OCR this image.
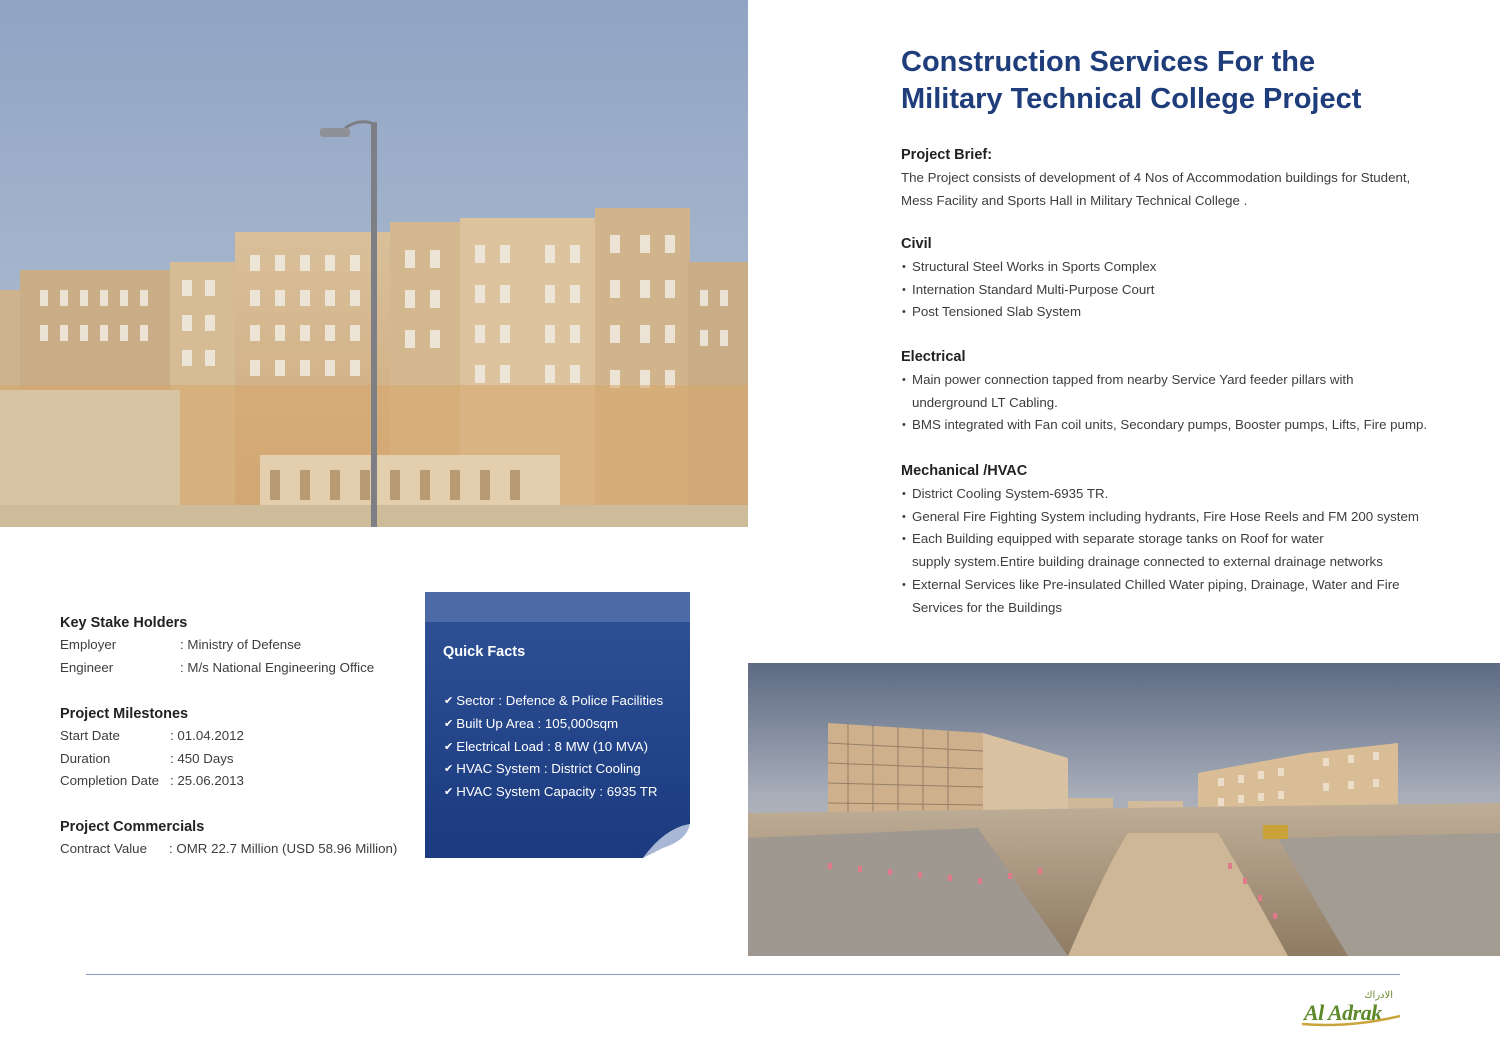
Construction Services For the
Military Technical College Project
Project Brief:

The Project consists of development of 4 Nos of Accommodation buildings for Student,

Mess Facility and Sports Hall in Military Technical College .

Civil
• Structural Steel Works in Sports Complex
• Internation Standard Multi-Purpose Court
• Post Tensioned Slab System
Electrical
• Main power connection tapped from nearby Service Yard feeder pillars with
underground LT Cabling.
• BMS integrated with Fan coil units, Secondary pumps, Booster pumps, Lifts, Fire pump.
Mechanical /HVAC
• District Cooling System-6935 TR.
• General Fire Fighting System including hydrants, Fire Hose Reels and FM 200 system
• Each Building equipped with separate storage tanks on Roof for water
supply system.Entire building drainage connected to external drainage networks
• External Services like Pre-insulated Chilled Water piping, Drainage, Water and Fire
Services for the Buildings
Key Stake Holders
Employer	: Ministry of Defense
Engineer	: M/s National Engineering Office
Project Milestones
Start Date	: 01.04.2012
Duration	: 450 Days
Completion Date : 25.06.2013
Project Commercials
Contract Value	: OMR 22.7 Million (USD 58.96 Million)
Quick Facts
✔ Sector : Defence & Police Facilities
✔ Built Up Area : 105,000sqm
✔ Electrical Load : 8 MW (10 MVA)
✔ HVAC System : District Cooling
✔ HVAC System Capacity : 6935 TR
الادراك
Al Adrak
